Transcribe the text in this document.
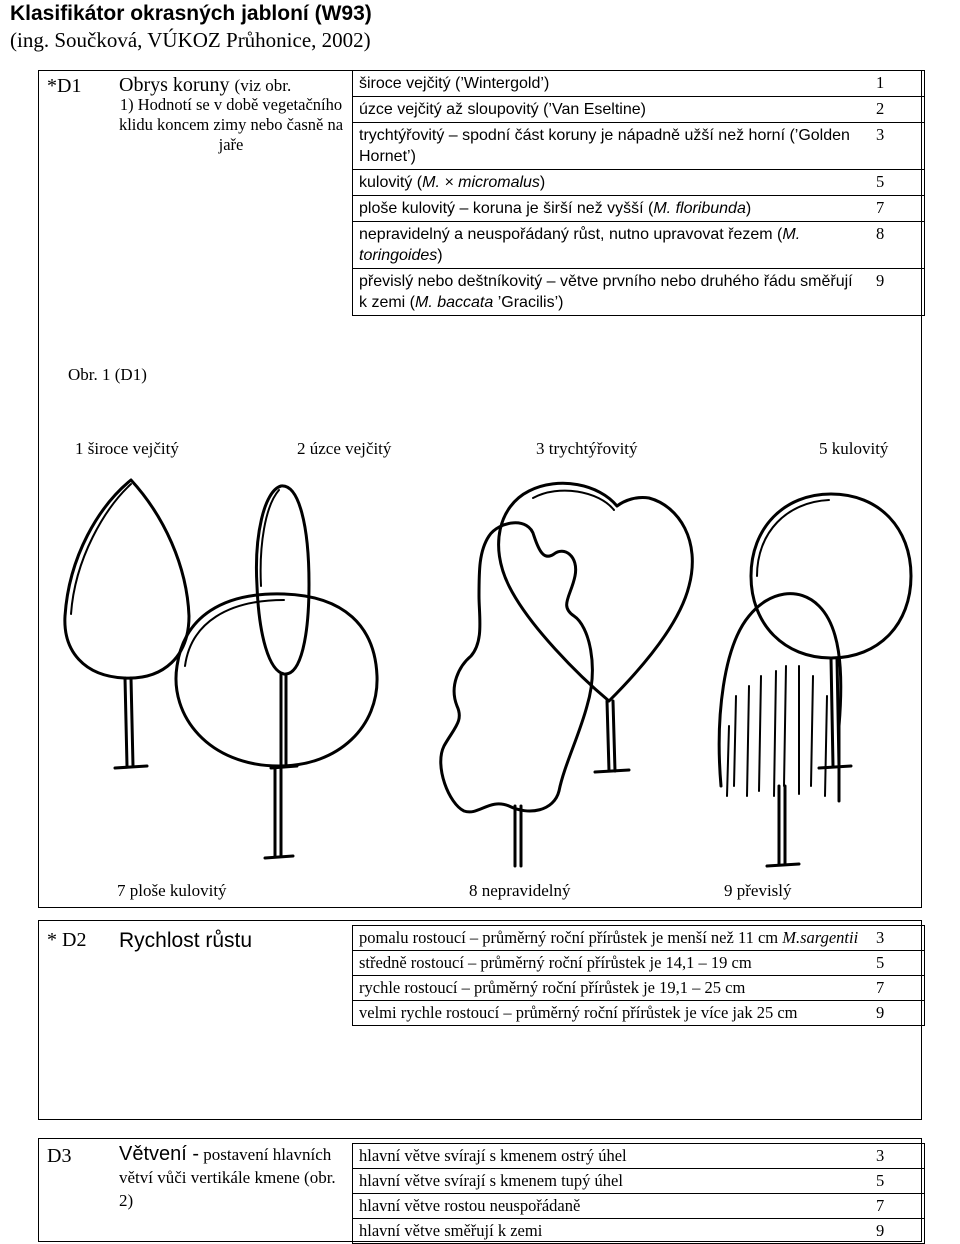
Klasifikátor okrasných jabloní (W93)
(ing. Součková, VÚKOZ Průhonice, 2002)
*D1 Obrys koruny (viz obr.
1) Hodnotí se v době vegetačního klidu koncem zimy nebo časně na jaře
Obr. 1 (D1)
široce vejčitý (’Wintergold’)	1
úzce vejčitý až sloupovitý (’Van Eseltine)	2
trychtýřovitý – spodní část koruny je nápadně užší než horní (’Golden Hornet’)	3
kulovitý (M. × micromalus)	5
ploše kulovitý – koruna je širší než vyšší (M. floribunda)	7
nepravidelný a neuspořádaný růst, nutno upravovat řezem (M. toringoides)	8
převislý nebo deštníkovitý – větve prvního nebo druhého řádu směřují k zemi (M. baccata ’Gracilis’)	9
1 široce vejčitý	2 úzce vejčitý	3 trychtýřovitý	5 kulovitý
7 ploše kulovitý	8 nepravidelný	9 převislý
* D2 Rychlost růstu	pomalu rostoucí – průměrný roční přírůstek je menší než 11 cm M.sargentii	3
středně rostoucí – průměrný roční přírůstek je 14,1 – 19 cm	5
rychle rostoucí – průměrný roční přírůstek je 19,1 – 25 cm	7
velmi rychle rostoucí – průměrný roční přírůstek je více jak 25 cm	9
D3 Větvení - postavení hlavních větví vůči vertikále kmene (obr. 2)
hlavní větve svírají s kmenem ostrý úhel	3
hlavní větve svírají s kmenem tupý úhel	5
hlavní větve rostou neuspořádaně	7
hlavní větve směřují k zemi	9
